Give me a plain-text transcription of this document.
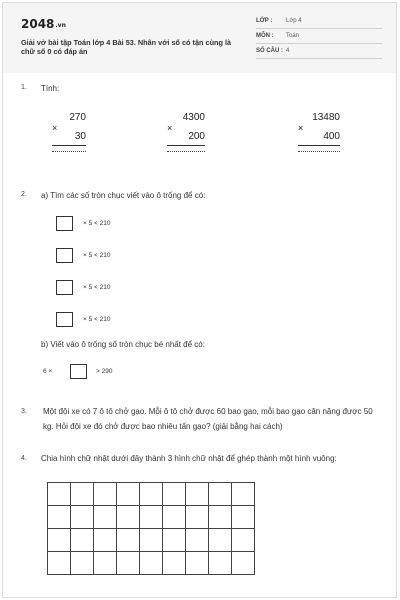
2048.vn
Giải vở bài tập Toán lớp 4 Bài 53. Nhân với số có tận cùng là chữ số 0 có đáp án
LỚP : Lớp 4
MÔN : Toán
SỐ CÂU : 4
1. Tính:
270
×
30
4300
×
200
13480
×
400
2. a) Tìm các số tròn chục viết vào ô trống để có:
× 5 < 210
× 5 < 210
× 5 < 210
× 5 < 210
b) Viết vào ô trống số tròn chục bé nhất để có:
6 ×	> 290
3. Một đội xe có 7 ô tô chở gạo. Mỗi ô tô chở được 60 bao gạo, mỗi bao gạo cân nặng được 50 kg. Hỏi đội xe đó chở được bao nhiêu tấn gạo? (giải bằng hai cách)
4. Chia hình chữ nhật dưới đây thành 3 hình chữ nhật để ghép thành một hình vuông:
